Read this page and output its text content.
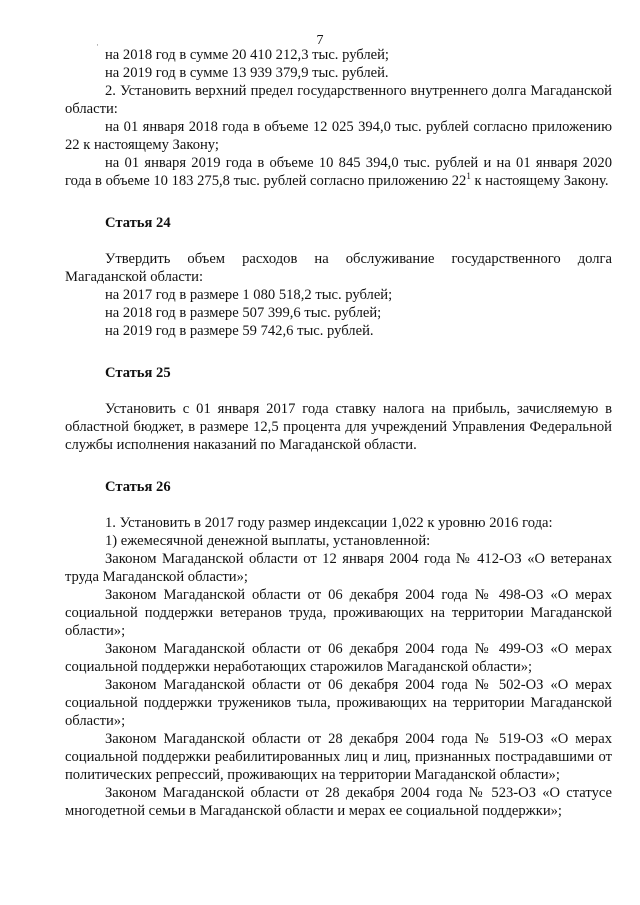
7
·

на 2018 год в сумме 20 410 212,3 тыс. рублей;

на 2019 год в сумме 13 939 379,9 тыс. рублей.

2. Установить верхний предел государственного внутреннего долга Магаданской области:

на 01 января 2018 года в объеме 12 025 394,0 тыс. рублей согласно приложению 22 к настоящему Закону;

на 01 января 2019 года в объеме 10 845 394,0 тыс. рублей и на 01 января 2020 года в объеме 10 183 275,8 тыс. рублей согласно приложению $22^1$ к настоящему Закону.

Статья 24

Утвердить объем расходов на обслуживание государственного долга Магаданской области:

на 2017 год в размере 1 080 518,2 тыс. рублей;

на 2018 год в размере 507 399,6 тыс. рублей;

на 2019 год в размере 59 742,6 тыс. рублей.

Статья 25

Установить с 01 января 2017 года ставку налога на прибыль, зачисляемую в областной бюджет, в размере 12,5 процента для учреждений Управления Федеральной службы исполнения наказаний по Магаданской области.

Статья 26

1. Установить в 2017 году размер индексации 1,022 к уровню 2016 года:

1) ежемесячной денежной выплаты, установленной:

Законом Магаданской области от 12 января 2004 года № 412-ОЗ «О ветеранах труда Магаданской области»;

Законом Магаданской области от 06 декабря 2004 года № 498-ОЗ «О мерах социальной поддержки ветеранов труда, проживающих на территории Магаданской области»;

Законом Магаданской области от 06 декабря 2004 года № 499-ОЗ «О мерах социальной поддержки неработающих старожилов Магаданской области»;

Законом Магаданской области от 06 декабря 2004 года № 502-ОЗ «О мерах социальной поддержки тружеников тыла, проживающих на территории Магаданской области»;

Законом Магаданской области от 28 декабря 2004 года № 519-ОЗ «О мерах социальной поддержки реабилитированных лиц и лиц, признанных пострадавшими от политических репрессий, проживающих на территории Магаданской области»;

Законом Магаданской области от 28 декабря 2004 года № 523-ОЗ «О статусе многодетной семьи в Магаданской области и мерах ее социальной поддержки»;
